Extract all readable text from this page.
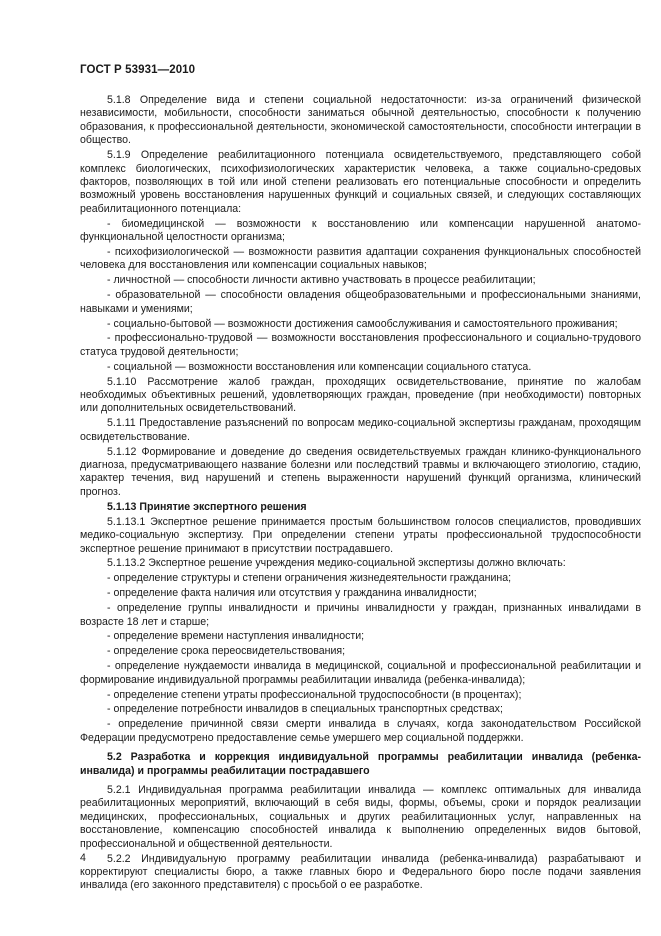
ГОСТ Р 53931—2010

5.1.8 Определение вида и степени социальной недостаточности: из-за ограничений физической независимости, мобильности, способности заниматься обычной деятельностью, способности к получению образования, к профессиональной деятельности, экономической самостоятельности, способности интеграции в общество.

5.1.9 Определение реабилитационного потенциала освидетельствуемого, представляющего собой комплекс биологических, психофизиологических характеристик человека, а также социально-средовых факторов, позволяющих в той или иной степени реализовать его потенциальные способности и определить возможный уровень восстановления нарушенных функций и социальных связей, и следующих составляющих реабилитационного потенциала:

- биомедицинской — возможности к восстановлению или компенсации нарушенной анатомо-функциональной целостности организма;

- психофизиологической — возможности развития адаптации сохранения функциональных способностей человека для восстановления или компенсации социальных навыков;

- личностной — способности личности активно участвовать в процессе реабилитации;

- образовательной — способности овладения общеобразовательными и профессиональными знаниями, навыками и умениями;

- социально-бытовой — возможности достижения самообслуживания и самостоятельного проживания;

- профессионально-трудовой — возможности восстановления профессионального и социально-трудового статуса трудовой деятельности;

- социальной — возможности восстановления или компенсации социального статуса.

5.1.10 Рассмотрение жалоб граждан, проходящих освидетельствование, принятие по жалобам необходимых объективных решений, удовлетворяющих граждан, проведение (при необходимости) повторных или дополнительных освидетельствований.

5.1.11 Предоставление разъяснений по вопросам медико-социальной экспертизы гражданам, проходящим освидетельствование.

5.1.12 Формирование и доведение до сведения освидетельствуемых граждан клинико-функционального диагноза, предусматривающего название болезни или последствий травмы и включающего этиологию, стадию, характер течения, вид нарушений и степень выраженности нарушений функций организма, клинический прогноз.

5.1.13 Принятие экспертного решения

5.1.13.1 Экспертное решение принимается простым большинством голосов специалистов, проводивших медико-социальную экспертизу. При определении степени утраты профессиональной трудоспособности экспертное решение принимают в присутствии пострадавшего.

5.1.13.2 Экспертное решение учреждения медико-социальной экспертизы должно включать:

- определение структуры и степени ограничения жизнедеятельности гражданина;

- определение факта наличия или отсутствия у гражданина инвалидности;

- определение группы инвалидности и причины инвалидности у граждан, признанных инвалидами в возрасте 18 лет и старше;

- определение времени наступления инвалидности;

- определение срока переосвидетельствования;

- определение нуждаемости инвалида в медицинской, социальной и профессиональной реабилитации и формирование индивидуальной программы реабилитации инвалида (ребенка-инвалида);

- определение степени утраты профессиональной трудоспособности (в процентах);

- определение потребности инвалидов в специальных транспортных средствах;

- определение причинной связи смерти инвалида в случаях, когда законодательством Российской Федерации предусмотрено предоставление семье умершего мер социальной поддержки.

5.2 Разработка и коррекция индивидуальной программы реабилитации инвалида (ребенка-инвалида) и программы реабилитации пострадавшего

5.2.1 Индивидуальная программа реабилитации инвалида — комплекс оптимальных для инвалида реабилитационных мероприятий, включающий в себя виды, формы, объемы, сроки и порядок реализации медицинских, профессиональных, социальных и других реабилитационных услуг, направленных на восстановление, компенсацию способностей инвалида к выполнению определенных видов бытовой, профессиональной и общественной деятельности.

5.2.2 Индивидуальную программу реабилитации инвалида (ребенка-инвалида) разрабатывают и корректируют специалисты бюро, а также главных бюро и Федерального бюро после подачи заявления инвалида (его законного представителя) с просьбой о ее разработке.

4
